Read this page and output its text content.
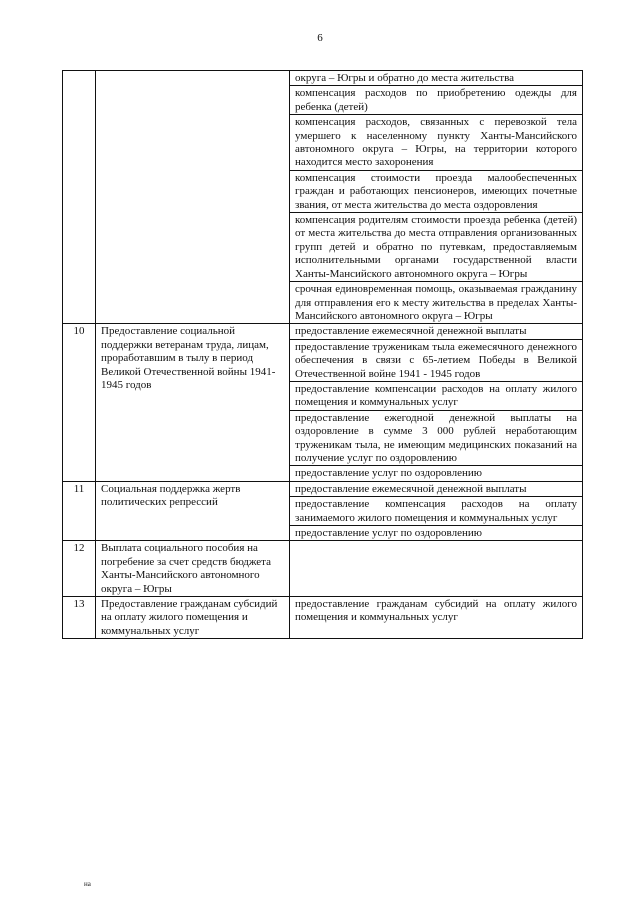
6
		округа – Югры и обратно до места жительства
		компенсация расходов по приобретению одежды для ребенка (детей)
		компенсация расходов, связанных с перевозкой тела умершего к населенному пункту Ханты-Мансийского автономного округа – Югры, на территории которого находится место захоронения
		компенсация стоимости проезда малообеспеченных граждан и работающих пенсионеров, имеющих почетные звания, от места жительства до места оздоровления
		компенсация родителям стоимости проезда ребенка (детей) от места жительства до места отправления организованных групп детей и обратно по путевкам, предоставляемым исполнительными органами государственной власти Ханты-Мансийского автономного округа – Югры
		срочная единовременная помощь, оказываемая гражданину для отправления его к месту жительства в пределах Ханты-Мансийского автономного округа – Югры
10	Предоставление социальной поддержки ветеранам труда, лицам, проработавшим в тылу в период Великой Отечественной войны 1941-1945 годов	предоставление ежемесячной денежной выплаты
		предоставление труженикам тыла ежемесячного денежного обеспечения в связи с 65-летием Победы в Великой Отечественной войне 1941 - 1945 годов
		предоставление компенсации расходов на оплату жилого помещения и коммунальных услуг
		предоставление ежегодной денежной выплаты на оздоровление в сумме 3 000 рублей неработающим труженикам тыла, не имеющим медицинских показаний на получение услуг по оздоровлению
		предоставление услуг по оздоровлению
11	Социальная поддержка жертв политических репрессий	предоставление ежемесячной денежной выплаты
		предоставление компенсация расходов на оплату занимаемого жилого помещения и коммунальных услуг
		предоставление услуг по оздоровлению
12	Выплата социального пособия на погребение за счет средств бюджета Ханты-Мансийского автономного округа – Югры	
13	Предоставление гражданам субсидий на оплату жилого помещения и коммунальных услуг	предоставление гражданам субсидий на оплату жилого помещения и коммунальных услуг
на
